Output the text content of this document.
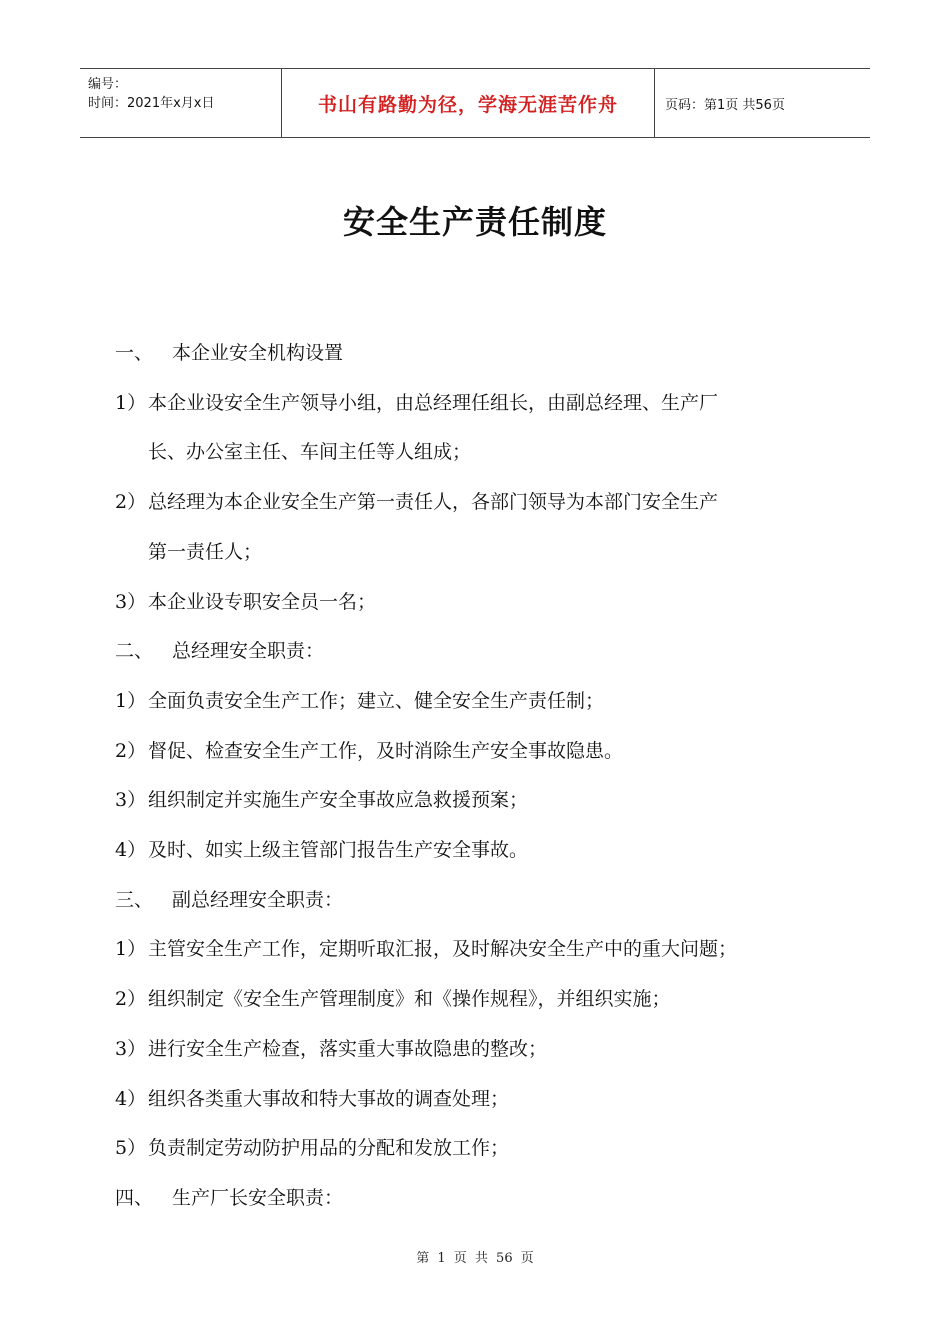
编号：
时间：2021年x月x日	书山有路勤为径，学海无涯苦作舟	页码：第1页 共56页
安全生产责任制度
一、 本企业安全机构设置
1） 本企业设安全生产领导小组，由总经理任组长，由副总经理、生产厂
长、办公室主任、车间主任等人组成；
2） 总经理为本企业安全生产第一责任人，各部门领导为本部门安全生产
第一责任人；
3） 本企业设专职安全员一名；
二、 总经理安全职责：
1） 全面负责安全生产工作；建立、健全安全生产责任制；
2） 督促、检查安全生产工作，及时消除生产安全事故隐患。
3） 组织制定并实施生产安全事故应急救援预案；
4） 及时、如实上级主管部门报告生产安全事故。
三、 副总经理安全职责：
1） 主管安全生产工作，定期听取汇报，及时解决安全生产中的重大问题；
2） 组织制定《安全生产管理制度》和《操作规程》，并组织实施；
3） 进行安全生产检查，落实重大事故隐患的整改；
4） 组织各类重大事故和特大事故的调查处理；
5） 负责制定劳动防护用品的分配和发放工作；
四、 生产厂长安全职责：
第 1 页 共 56 页
